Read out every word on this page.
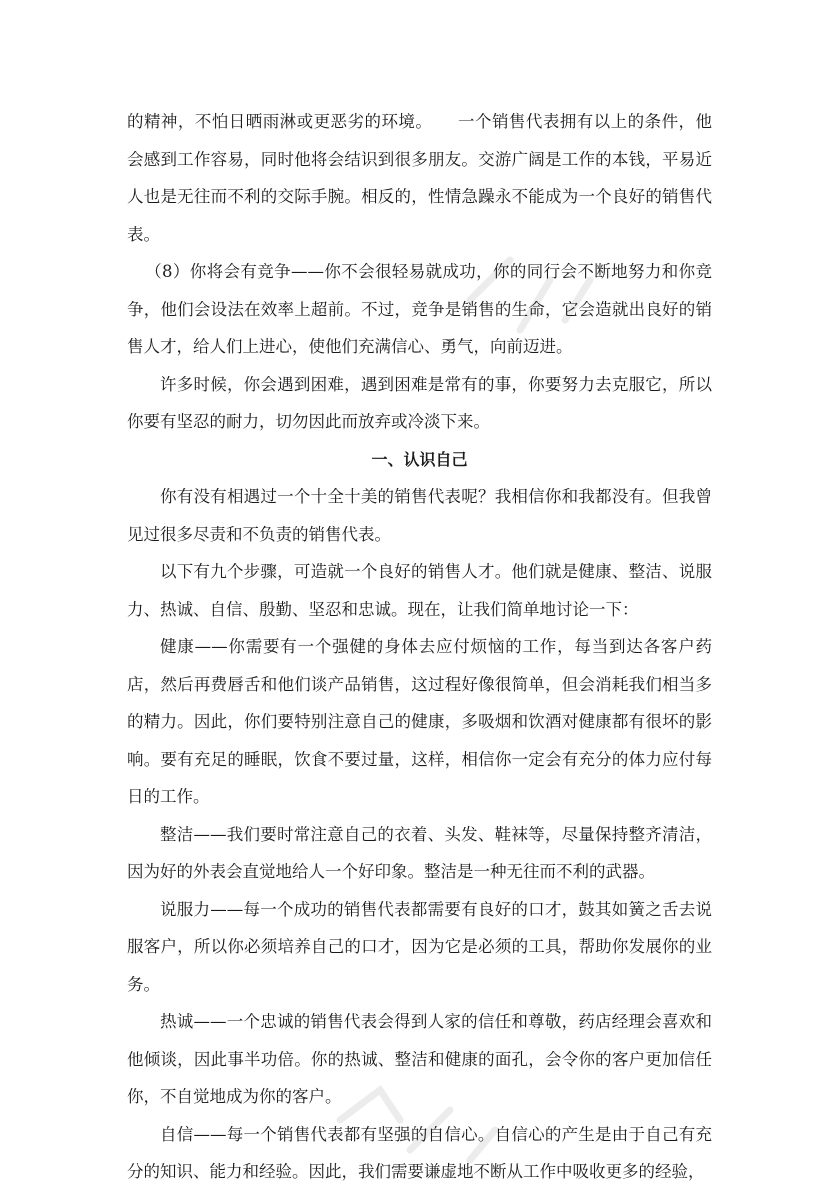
的精神，不怕日晒雨淋或更恶劣的环境。　　一个销售代表拥有以上的条件，他会感到工作容易，同时他将会结识到很多朋友。交游广阔是工作的本钱，平易近人也是无往而不利的交际手腕。相反的，性情急躁永不能成为一个良好的销售代表。

（8）你将会有竞争——你不会很轻易就成功，你的同行会不断地努力和你竞争，他们会设法在效率上超前。不过，竞争是销售的生命，它会造就出良好的销售人才，给人们上进心，使他们充满信心、勇气，向前迈进。

许多时候，你会遇到困难，遇到困难是常有的事，你要努力去克服它，所以你要有坚忍的耐力，切勿因此而放弃或冷淡下来。

一、认识自己

你有没有相遇过一个十全十美的销售代表呢？我相信你和我都没有。但我曾见过很多尽责和不负责的销售代表。

以下有九个步骤，可造就一个良好的销售人才。他们就是健康、整洁、说服力、热诚、自信、殷勤、坚忍和忠诚。现在，让我们简单地讨论一下：

健康——你需要有一个强健的身体去应付烦恼的工作，每当到达各客户药店，然后再费唇舌和他们谈产品销售，这过程好像很简单，但会消耗我们相当多的精力。因此，你们要特别注意自己的健康，多吸烟和饮酒对健康都有很坏的影响。要有充足的睡眠，饮食不要过量，这样，相信你一定会有充分的体力应付每日的工作。

整洁——我们要时常注意自己的衣着、头发、鞋袜等，尽量保持整齐清洁，因为好的外表会直觉地给人一个好印象。整洁是一种无往而不利的武器。

说服力——每一个成功的销售代表都需要有良好的口才，鼓其如簧之舌去说服客户，所以你必须培养自己的口才，因为它是必须的工具，帮助你发展你的业务。

热诚——一个忠诚的销售代表会得到人家的信任和尊敬，药店经理会喜欢和他倾谈，因此事半功倍。你的热诚、整洁和健康的面孔，会令你的客户更加信任你，不自觉地成为你的客户。

自信——每一个销售代表都有坚强的自信心。自信心的产生是由于自己有充分的知识、能力和经验。因此，我们需要谦虚地不断从工作中吸收更多的经验，
